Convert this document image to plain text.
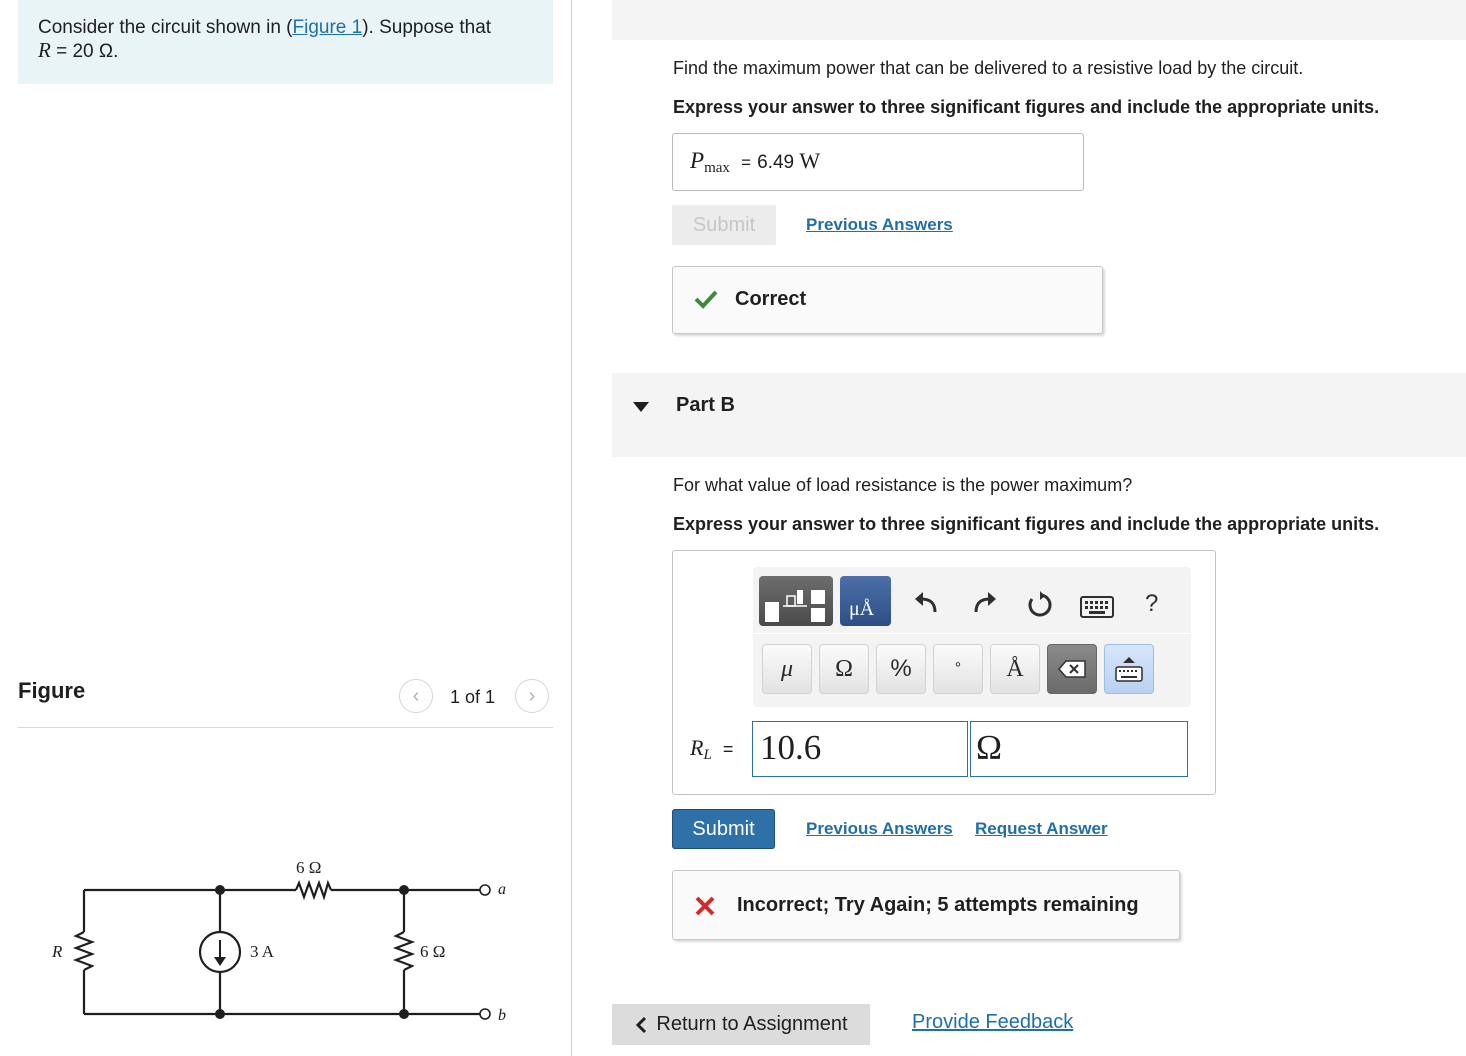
Consider the circuit shown in (Figure 1). Suppose that
R = 20 Ω.
Figure	‹ 1 of 1 ›
6 Ω
a
b
R	3 A	6 Ω
Find the maximum power that can be delivered to a resistive load by the circuit.
Express your answer to three significant figures and include the appropriate units.
$P_{max} = 6.49$ W
Submit	Previous Answers
Correct
Part B
For what value of load resistance is the power maximum?
Express your answer to three significant figures and include the appropriate units.
μÅ	?
μ Ω %	° Å
$R_L = 10.6$	Ω
Submit	Previous Answers Request Answer
Incorrect; Try Again; 5 attempts remaining
Return to Assignment	Provide Feedback
